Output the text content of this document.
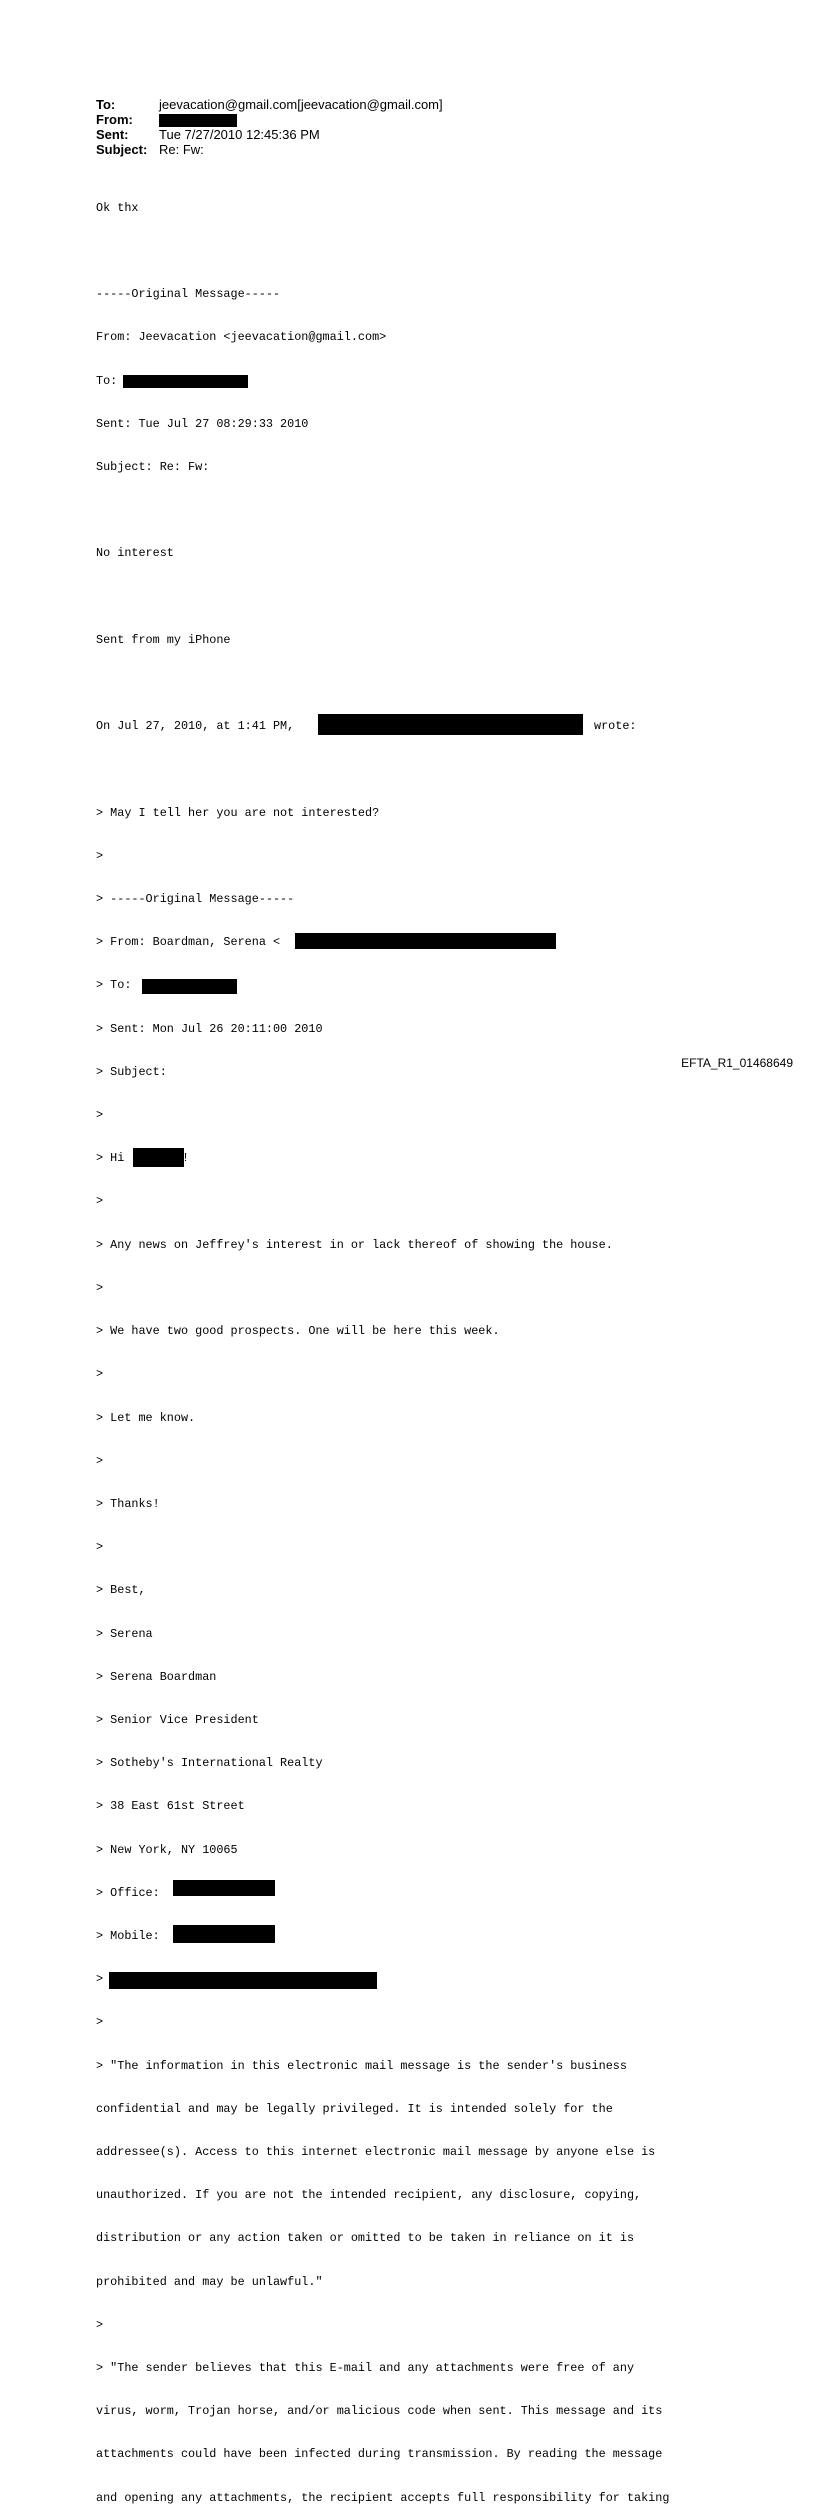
To:	jeevacation@gmail.com[jeevacation@gmail.com]
From:
Sent: Tue 7/27/2010 12:45:36 PM
Subject: Re: Fw:

Ok thx

-----Original Message-----

From: Jeevacation <jeevacation@gmail.com>

To:

Sent: Tue Jul 27 08:29:33 2010

Subject: Re: Fw:

No interest

Sent from my iPhone

On Jul 27, 2010, at 1:41 PM,	wrote:

> May I tell her you are not interested?

>

> -----Original Message-----

> From: Boardman, Serena <

> To:

> Sent: Mon Jul 26 20:11:00 2010

> Subject:

>

> Hi	!

>

> Any news on Jeffrey's interest in or lack thereof of showing the house.

>

> We have two good prospects. One will be here this week.

>

> Let me know.

>

> Thanks!

>

> Best,

> Serena

> Serena Boardman

> Senior Vice President

> Sotheby's International Realty

> 38 East 61st Street

> New York, NY 10065

> Office:

> Mobile:

>

>

> "The information in this electronic mail message is the sender's business

confidential and may be legally privileged. It is intended solely for the

addressee(s). Access to this internet electronic mail message by anyone else is

unauthorized. If you are not the intended recipient, any disclosure, copying,

distribution or any action taken or omitted to be taken in reliance on it is

prohibited and may be unlawful."

>

> "The sender believes that this E-mail and any attachments were free of any

virus, worm, Trojan horse, and/or malicious code when sent. This message and its

attachments could have been infected during transmission. By reading the message

and opening any attachments, the recipient accepts full responsibility for taking

EFTA_R1_01468649
